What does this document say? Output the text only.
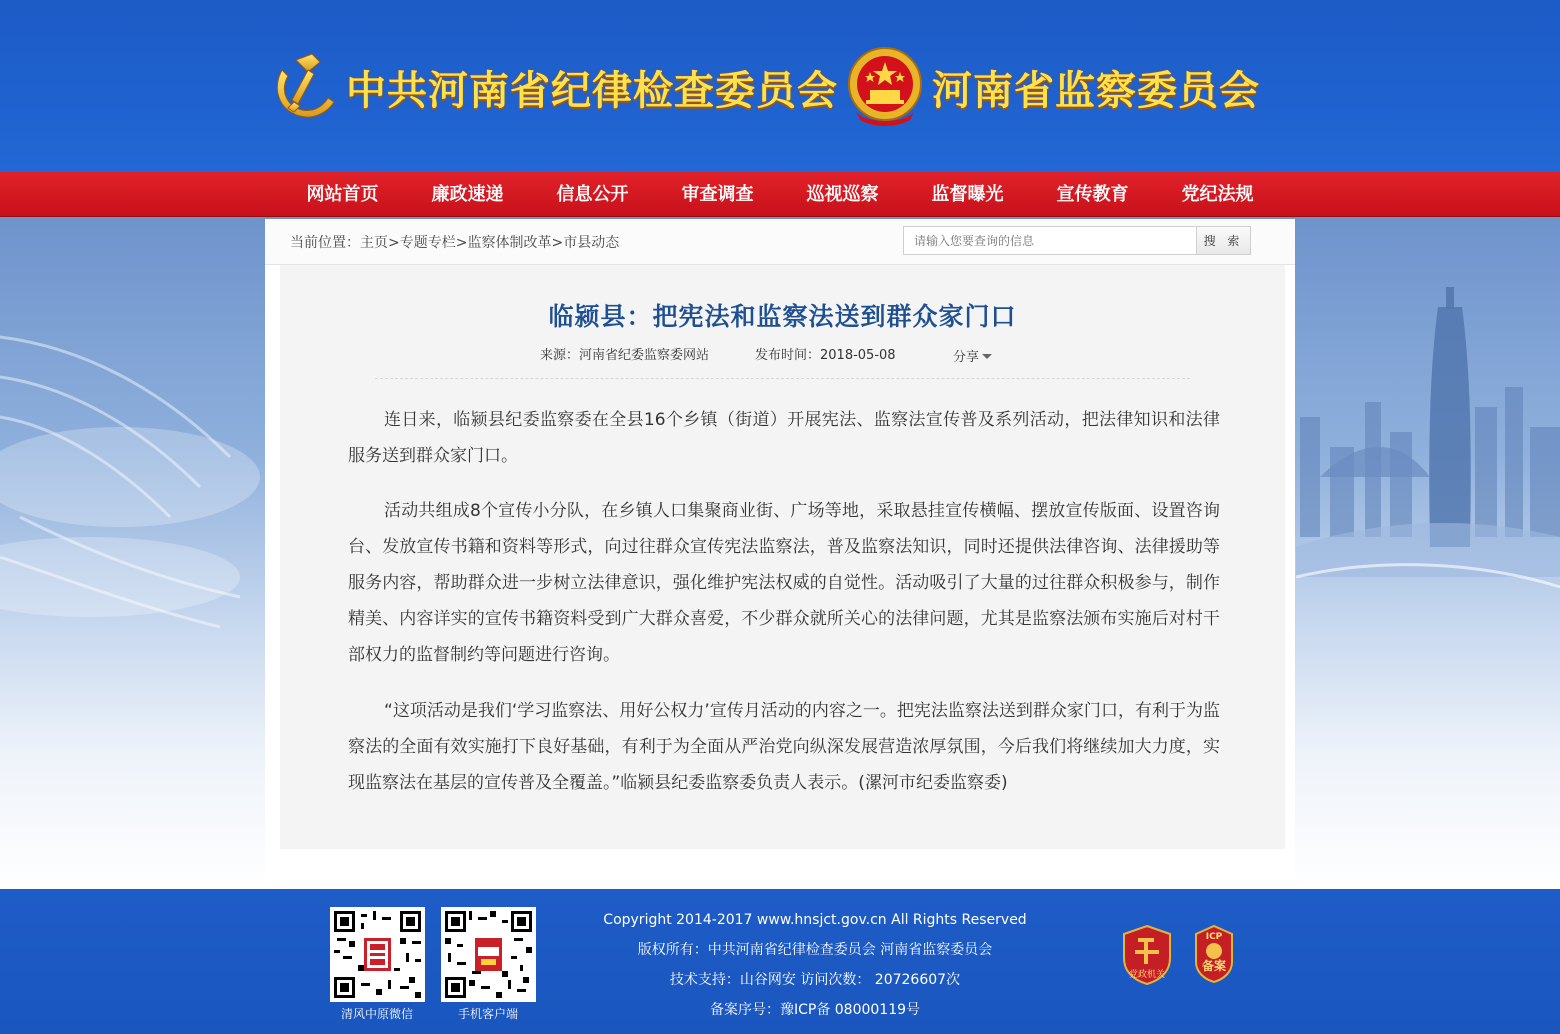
中共河南省纪律检查委员会 河南省监察委员会
网站首页	廉政速递	信息公开	审查调查	巡视巡察	监督曝光	宣传教育	党纪法规
当前位置：主页>专题专栏>监察体制改革>市县动态
请输入您要查询的信息	搜 索
临颍县：把宪法和监察法送到群众家门口
来源：河南省纪委监察委网站	发布时间：2018-05-08	分享

连日来，临颍县纪委监察委在全县16个乡镇（街道）开展宪法、监察法宣传普及系列活动，把法律知识和法律服务送到群众家门口。

活动共组成8个宣传小分队，在乡镇人口集聚商业街、广场等地，采取悬挂宣传横幅、摆放宣传版面、设置咨询台、发放宣传书籍和资料等形式，向过往群众宣传宪法监察法，普及监察法知识，同时还提供法律咨询、法律援助等服务内容，帮助群众进一步树立法律意识，强化维护宪法权威的自觉性。活动吸引了大量的过往群众积极参与，制作精美、内容详实的宣传书籍资料受到广大群众喜爱，不少群众就所关心的法律问题，尤其是监察法颁布实施后对村干部权力的监督制约等问题进行咨询。

“这项活动是我们‘学习监察法、用好公权力’宣传月活动的内容之一。把宪法监察法送到群众家门口，有利于为监察法的全面有效实施打下良好基础，有利于为全面从严治党向纵深发展营造浓厚氛围，今后我们将继续加大力度，实现监察法在基层的宣传普及全覆盖。”临颍县纪委监察委负责人表示。(漯河市纪委监察委)

清风中原微信	手机客户端
Copyright 2014-2017 www.hnsjct.gov.cn All Rights Reserved
版权所有：中共河南省纪律检查委员会 河南省监察委员会
技术支持：山谷网安 访问次数： 20726607次
备案序号：豫ICP备 08000119号
党政机关
ICP
备案
